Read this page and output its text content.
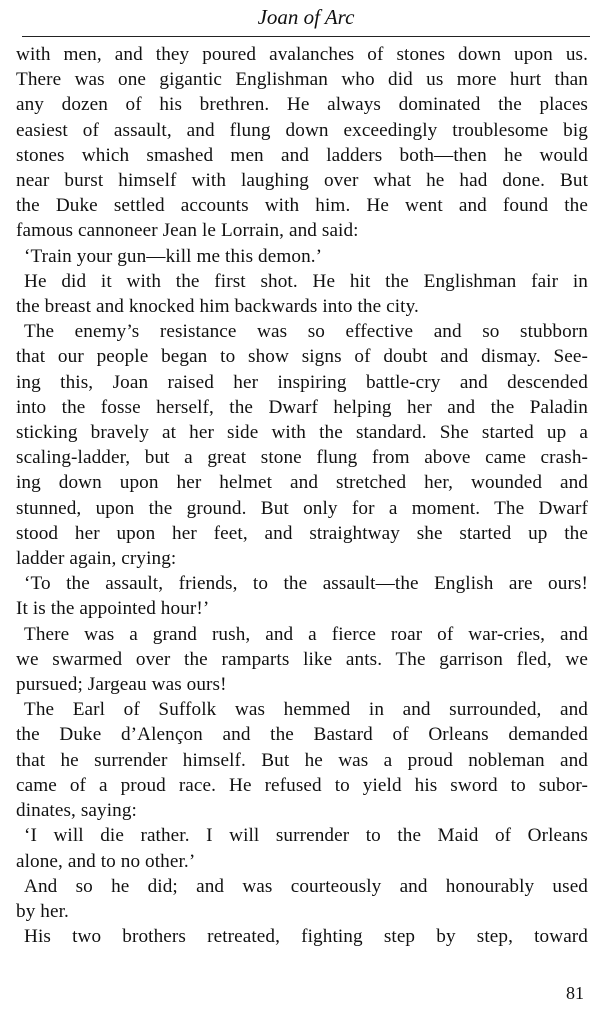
Joan of Arc

with men, and they poured avalanches of stones down upon us.

There was one gigantic Englishman who did us more hurt than

any dozen of his brethren. He always dominated the places

easiest of assault, and flung down exceedingly troublesome big

stones which smashed men and ladders both—then he would

near burst himself with laughing over what he had done. But

the Duke settled accounts with him. He went and found the

famous cannoneer Jean le Lorrain, and said:

‘Train your gun—kill me this demon.’

He did it with the first shot. He hit the Englishman fair in

the breast and knocked him backwards into the city.

The enemy’s resistance was so effective and so stubborn

that our people began to show signs of doubt and dismay. See-

ing this, Joan raised her inspiring battle-cry and descended

into the fosse herself, the Dwarf helping her and the Paladin

sticking bravely at her side with the standard. She started up a

scaling-ladder, but a great stone flung from above came crash-

ing down upon her helmet and stretched her, wounded and

stunned, upon the ground. But only for a moment. The Dwarf

stood her upon her feet, and straightway she started up the

ladder again, crying:

‘To the assault, friends, to the assault—the English are ours!

It is the appointed hour!’

There was a grand rush, and a fierce roar of war-cries, and

we swarmed over the ramparts like ants. The garrison fled, we

pursued; Jargeau was ours!

The Earl of Suffolk was hemmed in and surrounded, and

the Duke d’Alençon and the Bastard of Orleans demanded

that he surrender himself. But he was a proud nobleman and

came of a proud race. He refused to yield his sword to subor-

dinates, saying:

‘I will die rather. I will surrender to the Maid of Orleans

alone, and to no other.’

And so he did; and was courteously and honourably used

by her.

His two brothers retreated, fighting step by step, toward

81
